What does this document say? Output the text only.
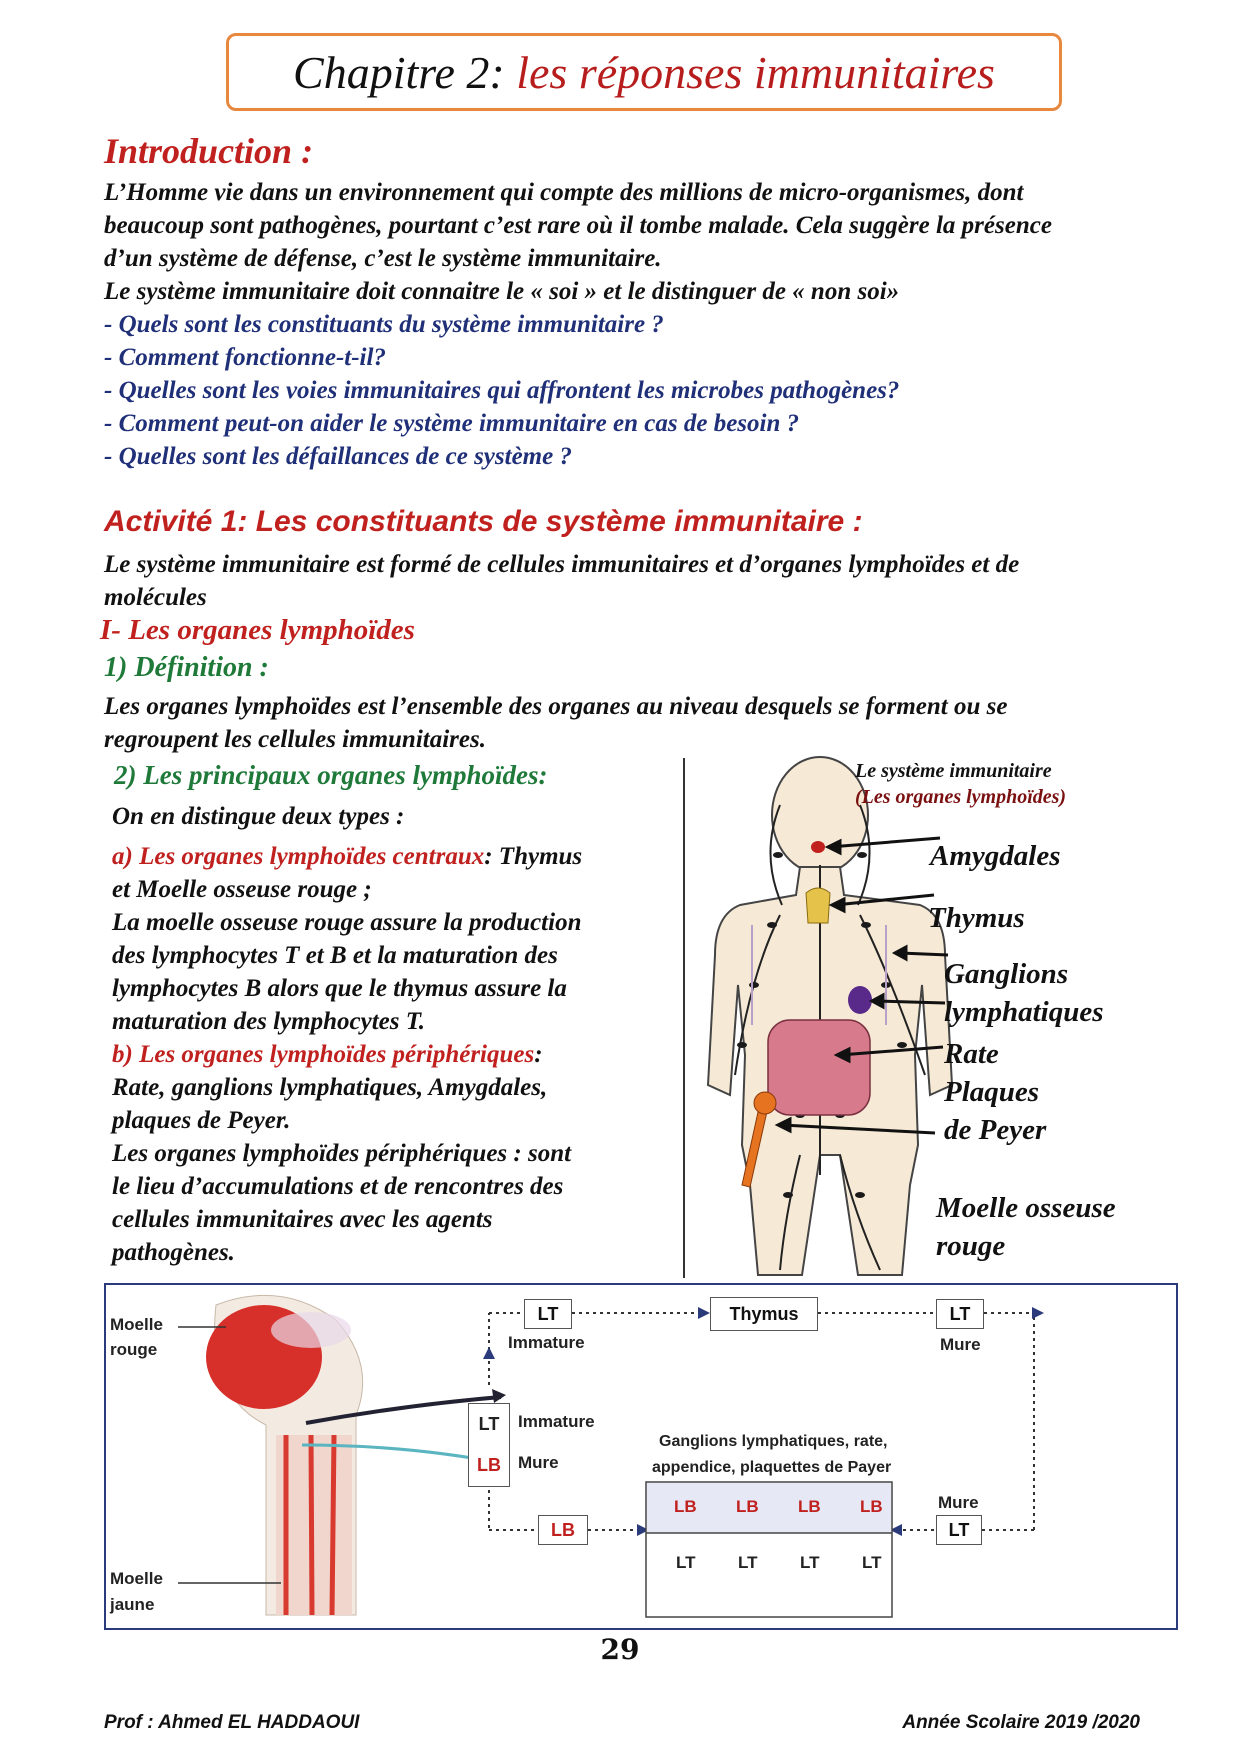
Chapitre 2: les réponses immunitaires
Introduction :
L’Homme vie dans un environnement qui compte des millions de micro-organismes, dont
beaucoup sont pathogènes, pourtant c’est rare où il tombe malade. Cela suggère la présence
d’un système de défense, c’est le système immunitaire.
Le système immunitaire doit connaitre le « soi » et le distinguer de « non soi»
- Quels sont les constituants du système immunitaire ?
- Comment fonctionne-t-il?
- Quelles sont les voies immunitaires qui affrontent les microbes pathogènes?
- Comment peut-on aider le système immunitaire en cas de besoin ?
- Quelles sont les défaillances de ce système ?
Activité 1: Les constituants de système immunitaire :
Le système immunitaire est formé de cellules immunitaires et d’organes lymphoïdes et de
molécules
I- Les organes lymphoïdes
1) Définition :
Les organes lymphoïdes est l’ensemble des organes au niveau desquels se forment ou se
regroupent les cellules immunitaires.
2) Les principaux organes lymphoïdes:
On en distingue deux types :
a) Les organes lymphoïdes centraux: Thymus
et Moelle osseuse rouge ;
La moelle osseuse rouge assure la production
des lymphocytes T et B et la maturation des
lymphocytes B alors que le thymus assure la
maturation des lymphocytes T.
b) Les organes lymphoïdes périphériques:
Rate, ganglions lymphatiques, Amygdales,
plaques de Peyer.
Les organes lymphoïdes périphériques : sont
le lieu d’accumulations et de rencontres des
cellules immunitaires avec les agents
pathogènes.
Le système immunitaire
(Les organes lymphoïdes)
Amygdales
Thymus
Ganglions
lymphatiques
Rate
Plaques
de Peyer
Moelle osseuse
rouge
Moelle
rouge
Moelle
jaune
LT
Immature
Thymus	LT
Mure
LT
LB
Immature
Mure
LB
Ganglions lymphatiques, rate,
appendice, plaquettes de Payer
LB LB LB LB
LT LT LT LT
Mure
LT
29
Prof : Ahmed EL HADDAOUI	Année Scolaire 2019 /2020
